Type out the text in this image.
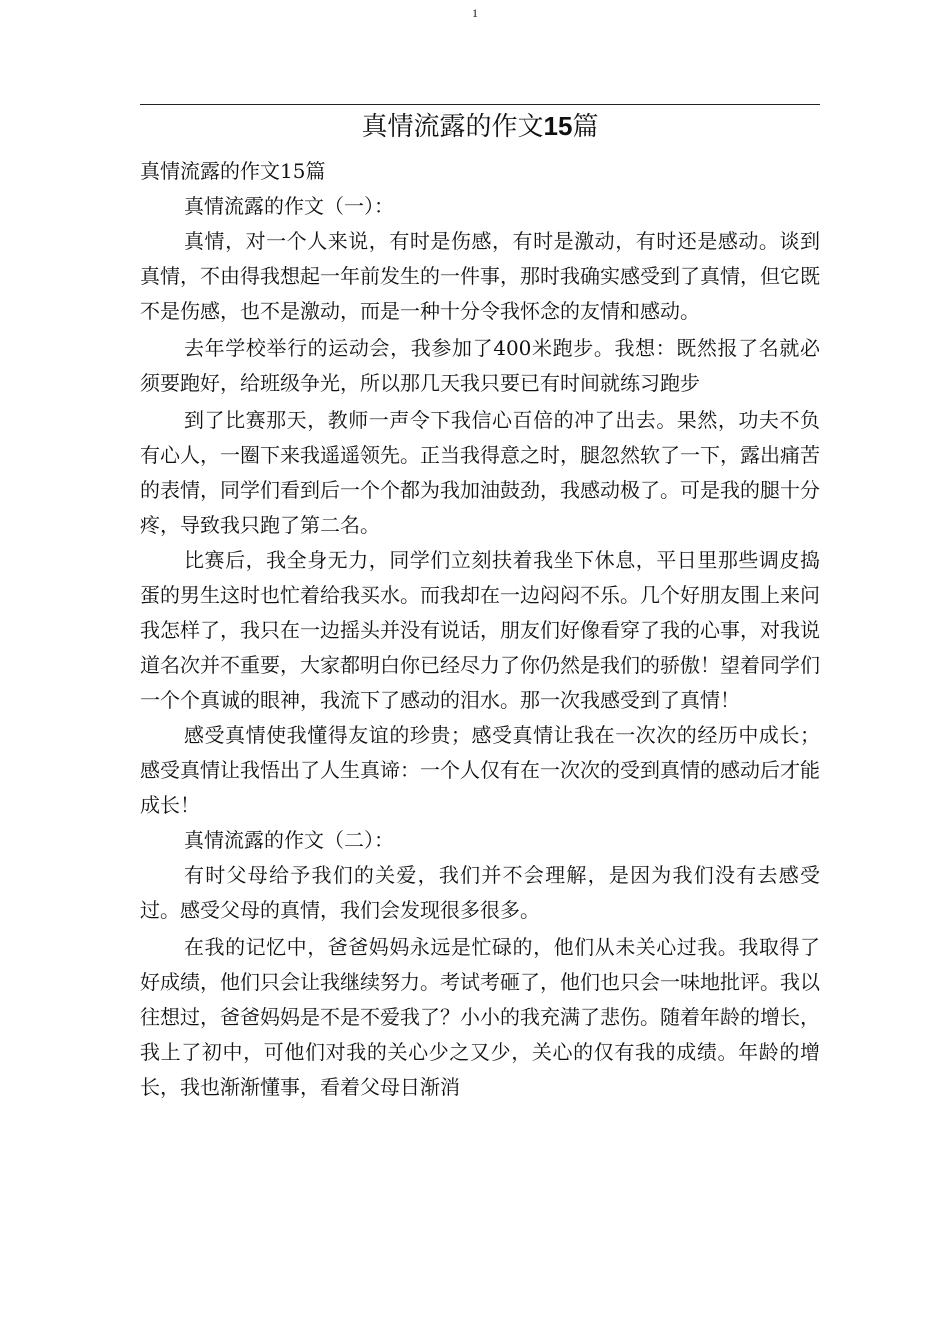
1
真情流露的作文15篇

真情流露的作文15篇

真情流露的作文（一）：

真情，对一个人来说，有时是伤感，有时是激动，有时还是感动。谈到真情，不由得我想起一年前发生的一件事，那时我确实感受到了真情，但它既不是伤感，也不是激动，而是一种十分令我怀念的友情和感动。

去年学校举行的运动会，我参加了400米跑步。我想：既然报了名就必须要跑好，给班级争光，所以那几天我只要已有时间就练习跑步

到了比赛那天，教师一声令下我信心百倍的冲了出去。果然，功夫不负有心人，一圈下来我遥遥领先。正当我得意之时，腿忽然软了一下，露出痛苦的表情，同学们看到后一个个都为我加油鼓劲，我感动极了。可是我的腿十分疼，导致我只跑了第二名。

比赛后，我全身无力，同学们立刻扶着我坐下休息，平日里那些调皮捣蛋的男生这时也忙着给我买水。而我却在一边闷闷不乐。几个好朋友围上来问我怎样了，我只在一边摇头并没有说话，朋友们好像看穿了我的心事，对我说道名次并不重要，大家都明白你已经尽力了你仍然是我们的骄傲！望着同学们一个个真诚的眼神，我流下了感动的泪水。那一次我感受到了真情！

感受真情使我懂得友谊的珍贵；感受真情让我在一次次的经历中成长；感受真情让我悟出了人生真谛：一个人仅有在一次次的受到真情的感动后才能成长！

真情流露的作文（二）：

有时父母给予我们的关爱，我们并不会理解，是因为我们没有去感受过。感受父母的真情，我们会发现很多很多。

在我的记忆中，爸爸妈妈永远是忙碌的，他们从未关心过我。我取得了好成绩，他们只会让我继续努力。考试考砸了，他们也只会一味地批评。我以往想过，爸爸妈妈是不是不爱我了？小小的我充满了悲伤。随着年龄的增长，我上了初中，可他们对我的关心少之又少，关心的仅有我的成绩。年龄的增长，我也渐渐懂事，看着父母日渐消
